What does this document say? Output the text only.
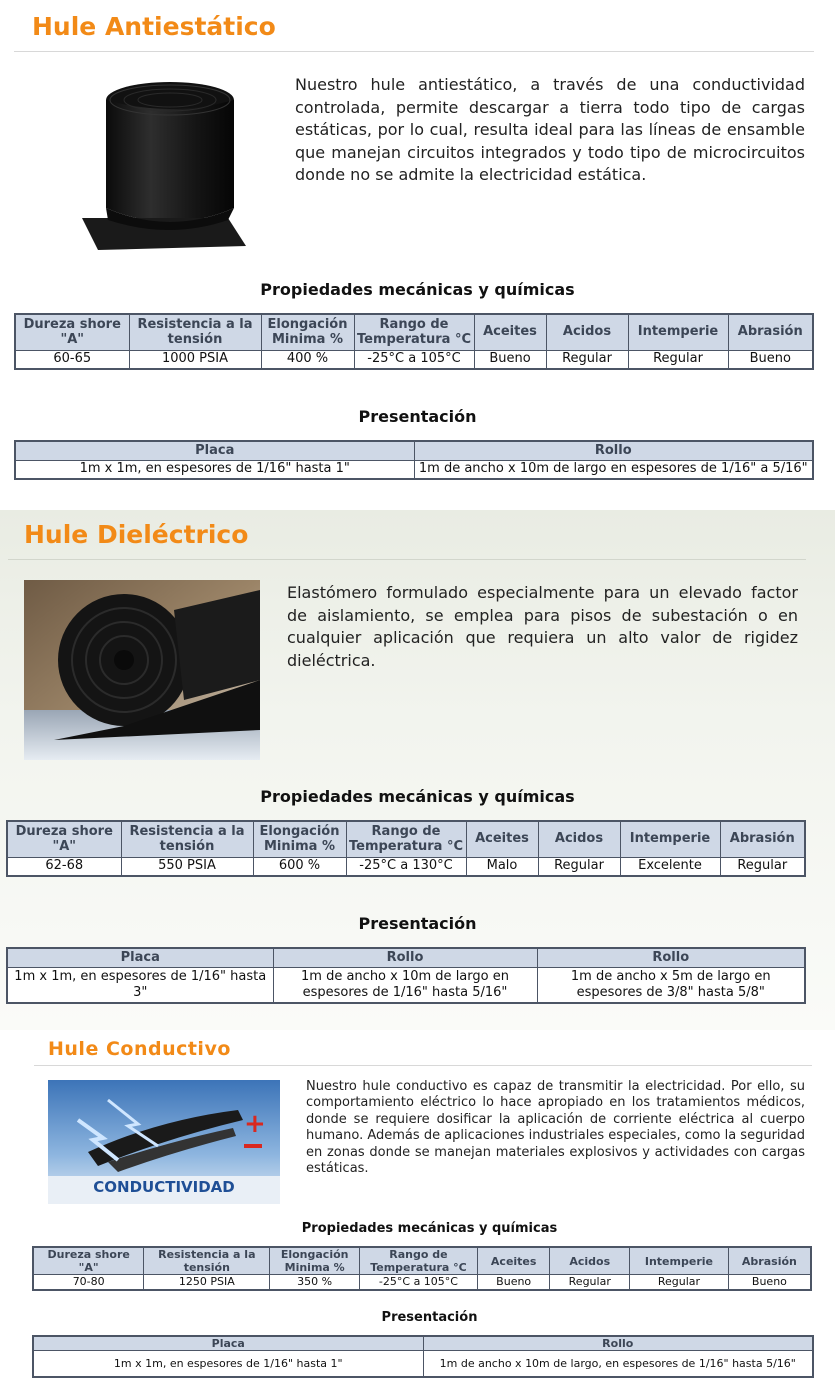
Hule Antiestático
Nuestro hule antiestático, a través de una conductividad controlada, permite descargar a tierra todo tipo de cargas estáticas, por lo cual, resulta ideal para las líneas de ensamble que manejan circuitos integrados y todo tipo de microcircuitos donde no se admite la electricidad estática.
Propiedades mecánicas y químicas
Dureza shore "A"	Resistencia a la tensión	Elongación Minima %	Rango de Temperatura °C	Aceites	Acidos	Intemperie	Abrasión
60-65	1000 PSIA	400 %	-25°C a 105°C	Bueno	Regular	Regular	Bueno
Presentación
Placa	Rollo
1m x 1m, en espesores de 1/16" hasta 1"	1m de ancho x 10m de largo en espesores de 1/16" a 5/16"
Hule Dieléctrico
Elastómero formulado especialmente para un elevado factor de aislamiento, se emplea para pisos de subestación o en cualquier aplicación que requiera un alto valor de rigidez dieléctrica.
Propiedades mecánicas y químicas
Dureza shore "A"	Resistencia a la tensión	Elongación Minima %	Rango de Temperatura °C	Aceites	Acidos	Intemperie	Abrasión
62-68	550 PSIA	600 %	-25°C a 130°C	Malo	Regular	Excelente	Regular
Presentación
Placa	Rollo	Rollo
1m x 1m, en espesores de 1/16" hasta 3"	1m de ancho x 10m de largo en espesores de 1/16" hasta 5/16"	1m de ancho x 5m de largo en espesores de 3/8" hasta 5/8"
Hule Conductivo
+
CONDUCTIVIDAD
Nuestro hule conductivo es capaz de transmitir la electricidad. Por ello, su comportamiento eléctrico lo hace apropiado en los tratamientos médicos, donde se requiere dosificar la aplicación de corriente eléctrica al cuerpo humano. Además de aplicaciones industriales especiales, como la seguridad en zonas donde se manejan materiales explosivos y actividades con cargas estáticas.
Propiedades mecánicas y químicas
Dureza shore "A"	Resistencia a la tensión	Elongación Minima %	Rango de Temperatura °C	Aceites	Acidos	Intemperie	Abrasión
70-80	1250 PSIA	350 %	-25°C a 105°C	Bueno	Regular	Regular	Bueno
Presentación
Placa	Rollo
1m x 1m, en espesores de 1/16" hasta 1"	1m de ancho x 10m de largo, en espesores de 1/16" hasta 5/16"
